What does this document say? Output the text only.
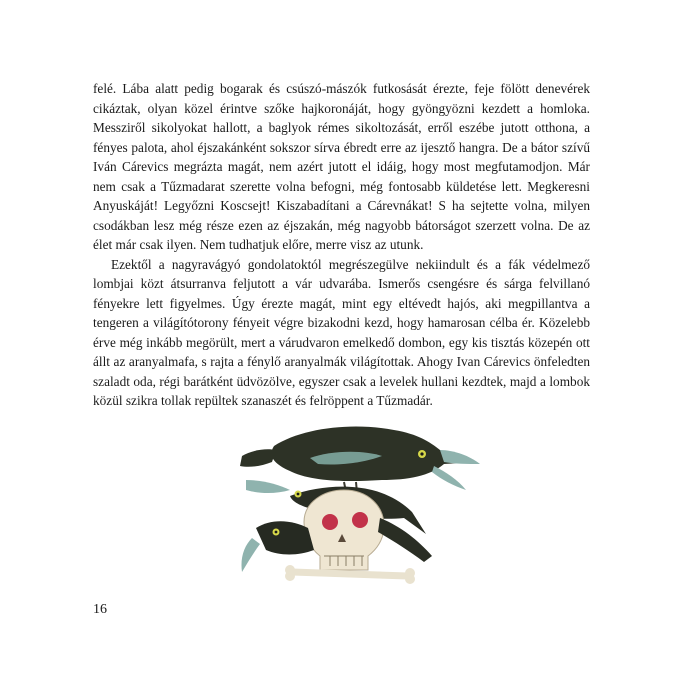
felé. Lába alatt pedig bogarak és csúszó-mászók futkosását érezte, feje fölött denevérek cikáztak, olyan közel érintve szőke hajkoronáját, hogy gyöngyözni kezdett a homloka. Messziről sikolyokat hallott, a baglyok rémes sikoltozását, erről eszébe jutott otthona, a fényes palota, ahol éjszakánként sokszor sírva ébredt erre az ijesztő hangra. De a bátor szívű Iván Cárevics megrázta magát, nem azért jutott el idáig, hogy most megfutamodjon. Már nem csak a Tűzmadarat szerette volna befogni, még fontosabb küldetése lett. Megkeresni Anyuskáját! Legyőzni Koscsejt! Kiszabadítani a Cárevnákat! S ha sejtette volna, milyen csodákban lesz még része ezen az éjszakán, még nagyobb bátorságot szerzett volna. De az élet már csak ilyen. Nem tudhatjuk előre, merre visz az utunk.

Ezektől a nagyravágyó gondolatoktól megrészegülve nekiindult és a fák védelmező lombjai közt átsurranva feljutott a vár udvarába. Ismerős csengésre és sárga felvillanó fényekre lett figyelmes. Úgy érezte magát, mint egy eltévedt hajós, aki megpillantva a tengeren a világítótorony fényeit végre bizakodni kezd, hogy hamarosan célba ér. Közelebb érve még inkább megörült, mert a várudvaron emelkedő dombon, egy kis tisztás közepén ott állt az aranyalmafa, s rajta a fénylő aranyalmák világítottak. Ahogy Ivan Cárevics önfeledten szaladt oda, régi barátként üdvözölve, egyszer csak a levelek hullani kezdtek, majd a lombok közül szikra tollak repültek szanaszét és felröppent a Tűzmadár.

16
